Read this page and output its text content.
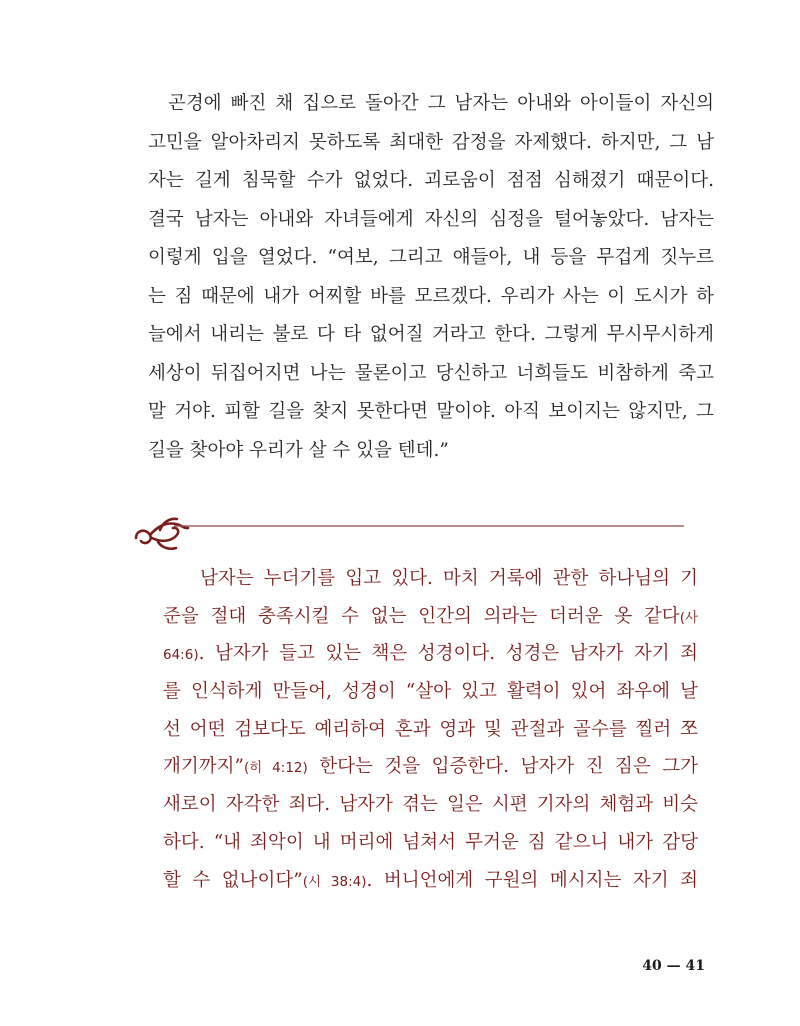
곤경에 빠진 채 집으로 돌아간 그 남자는 아내와 아이들이 자신의
고민을 알아차리지 못하도록 최대한 감정을 자제했다. 하지만, 그 남
자는 길게 침묵할 수가 없었다. 괴로움이 점점 심해졌기 때문이다.
결국 남자는 아내와 자녀들에게 자신의 심정을 털어놓았다. 남자는
이렇게 입을 열었다. “여보, 그리고 얘들아, 내 등을 무겁게 짓누르
는 짐 때문에 내가 어찌할 바를 모르겠다. 우리가 사는 이 도시가 하
늘에서 내리는 불로 다 타 없어질 거라고 한다. 그렇게 무시무시하게
세상이 뒤집어지면 나는 물론이고 당신하고 너희들도 비참하게 죽고
말 거야. 피할 길을 찾지 못한다면 말이야. 아직 보이지는 않지만, 그
길을 찾아야 우리가 살 수 있을 텐데.”
남자는 누더기를 입고 있다. 마치 거룩에 관한 하나님의 기
준을 절대 충족시킬 수 없는 인간의 의라는 더러운 옷 같다(사
64:6). 남자가 들고 있는 책은 성경이다. 성경은 남자가 자기 죄
를 인식하게 만들어, 성경이 “살아 있고 활력이 있어 좌우에 날
선 어떤 검보다도 예리하여 혼과 영과 및 관절과 골수를 찔러 쪼
개기까지”(히 4:12) 한다는 것을 입증한다. 남자가 진 짐은 그가
새로이 자각한 죄다. 남자가 겪는 일은 시편 기자의 체험과 비슷
하다. “내 죄악이 내 머리에 넘쳐서 무거운 짐 같으니 내가 감당
할 수 없나이다”(시 38:4). 버니언에게 구원의 메시지는 자기 죄
40 — 41
